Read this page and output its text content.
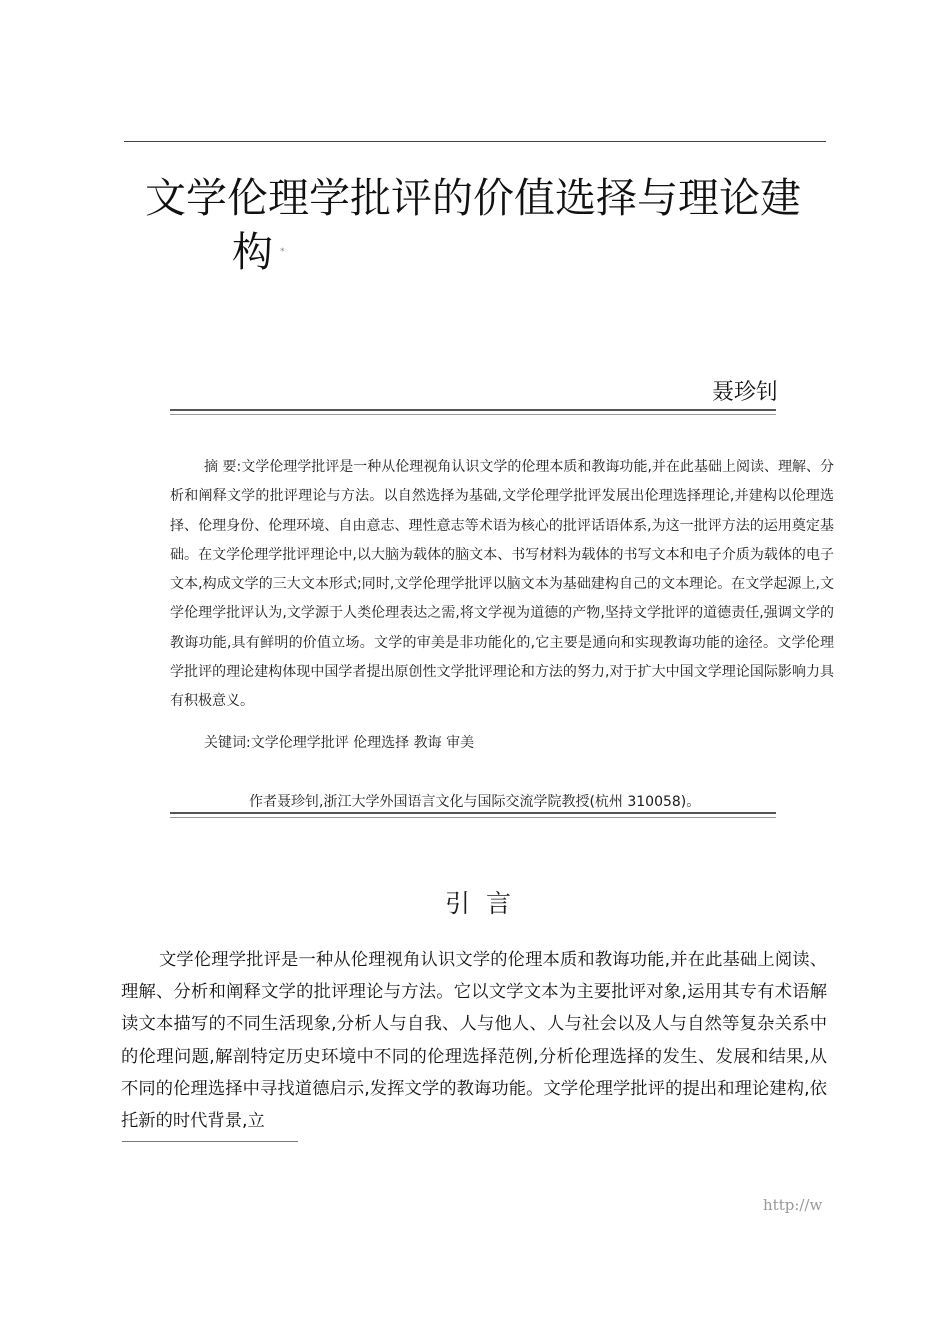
文学伦理学批评的价值选择与理论建
构 *
聂珍钊

摘 要:文学伦理学批评是一种从伦理视角认识文学的伦理本质和教诲功能,并在此基础上阅读、理解、分析和阐释文学的批评理论与方法。以自然选择为基础,文学伦理学批评发展出伦理选择理论,并建构以伦理选择、伦理身份、伦理环境、自由意志、理性意志等术语为核心的批评话语体系,为这一批评方法的运用奠定基础。在文学伦理学批评理论中,以大脑为载体的脑文本、书写材料为载体的书写文本和电子介质为载体的电子文本,构成文学的三大文本形式;同时,文学伦理学批评以脑文本为基础建构自己的文本理论。在文学起源上,文学伦理学批评认为,文学源于人类伦理表达之需,将文学视为道德的产物,坚持文学批评的道德责任,强调文学的教诲功能,具有鲜明的价值立场。文学的审美是非功能化的,它主要是通向和实现教诲功能的途径。文学伦理学批评的理论建构体现中国学者提出原创性文学批评理论和方法的努力,对于扩大中国文学理论国际影响力具有积极意义。

关键词:文学伦理学批评 伦理选择 教诲 审美
作者聂珍钊,浙江大学外国语言文化与国际交流学院教授(杭州 310058)。
引言

文学伦理学批评是一种从伦理视角认识文学的伦理本质和教诲功能,并在此基础上阅读、理解、分析和阐释文学的批评理论与方法。它以文学文本为主要批评对象,运用其专有术语解读文本描写的不同生活现象,分析人与自我、人与他人、人与社会以及人与自然等复杂关系中的伦理问题,解剖特定历史环境中不同的伦理选择范例,分析伦理选择的发生、发展和结果,从不同的伦理选择中寻找道德启示,发挥文学的教诲功能。文学伦理学批评的提出和理论建构,依托新的时代背景,立

http://w
